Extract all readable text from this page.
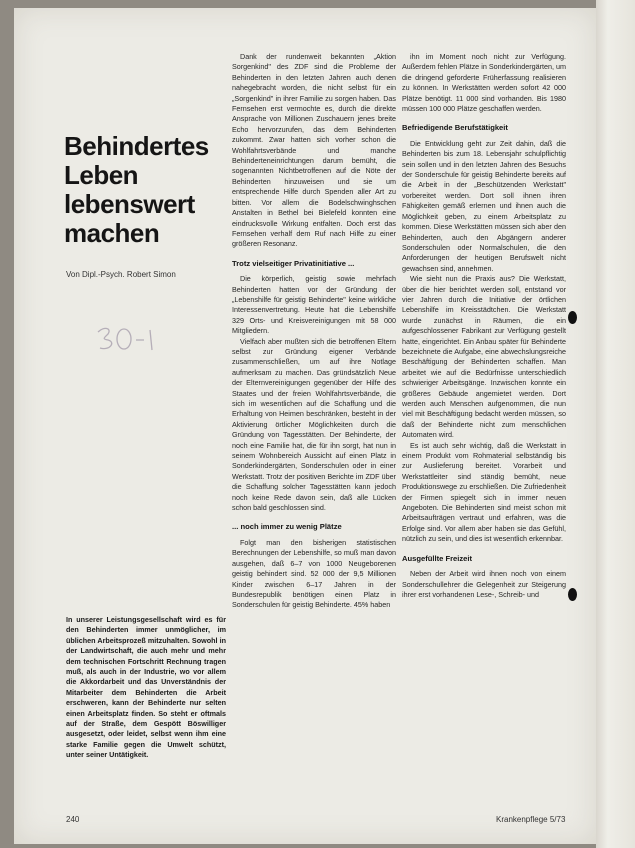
Behindertes
Leben
lebenswert
machen
Von Dipl.-Psych. Robert Simon
In unserer Leistungsgesellschaft wird es für den Behinderten immer unmöglicher, im üblichen Arbeitsprozeß mitzuhalten. Sowohl in der Landwirtschaft, die auch mehr und mehr dem technischen Fortschritt Rechnung tragen muß, als auch in der Industrie, wo vor allem die Akkordarbeit und das Unverständnis der Mitarbeiter dem Behinderten die Arbeit erschweren, kann der Behinderte nur selten einen Arbeitsplatz finden. So steht er oftmals auf der Straße, dem Gespött Böswilliger ausgesetzt, oder leidet, selbst wenn ihm eine starke Familie gegen die Umwelt schützt, unter seiner Untätigkeit.

Dank der rundenweit bekannten „Aktion Sorgenkind" des ZDF sind die Probleme der Behinderten in den letzten Jahren auch denen nahegebracht worden, die nicht selbst für ein „Sorgenkind" in ihrer Familie zu sorgen haben. Das Fernsehen erst vermochte es, durch die direkte Ansprache von Millionen Zuschauern jenes breite Echo hervorzurufen, das dem Behinderten zukommt. Zwar hatten sich vorher schon die Wohlfahrtsverbände und manche Behinderteneinrichtungen darum bemüht, die sogenannten Nichtbetroffenen auf die Nöte der Behinderten hinzuweisen und sie um entsprechende Hilfe durch Spenden aller Art zu bitten. Vor allem die Bodelschwinghschen Anstalten in Bethel bei Bielefeld konnten eine eindrucksvolle Wirkung entfalten. Doch erst das Fernsehen verhalf dem Ruf nach Hilfe zu einer größeren Resonanz.

Trotz vielseitiger Privatinitiative ...

Die körperlich, geistig sowie mehrfach Behinderten hatten vor der Gründung der „Lebenshilfe für geistig Behinderte" keine wirkliche Interessenvertretung. Heute hat die Lebenshilfe 329 Orts- und Kreisvereinigungen mit 58 000 Mitgliedern.

Vielfach aber mußten sich die betroffenen Eltern selbst zur Gründung eigener Verbände zusammenschließen, um auf ihre Notlage aufmerksam zu machen. Das gründsätzlich Neue der Elternvereinigungen gegenüber der Hilfe des Staates und der freien Wohlfahrtsverbände, die sich im wesentlichen auf die Schaffung und die Erhaltung von Heimen beschränken, besteht in der Aktivierung örtlicher Möglichkeiten durch die Gründung von Tagesstätten. Der Behinderte, der noch eine Familie hat, die für ihn sorgt, hat nun in seinem Wohnbereich Aussicht auf einen Platz in Sonderkindergärten, Sonderschulen oder in einer Werkstatt. Trotz der positiven Berichte im ZDF über die Schaffung solcher Tagesstätten kann jedoch noch keine Rede davon sein, daß alle Lücken schon bald geschlossen sind.

... noch immer zu wenig Plätze

Folgt man den bisherigen statistischen Berechnungen der Lebenshilfe, so muß man davon ausgehen, daß 6–7 von 1000 Neugeborenen geistig behindert sind. 52 000 der 9,5 Millionen Kinder zwischen 6–17 Jahren in der Bundesrepublik benötigen einen Platz in Sonderschulen für geistig Behinderte. 45% haben

ihn im Moment noch nicht zur Verfügung. Außerdem fehlen Plätze in Sonderkindergärten, um die dringend geforderte Früherfassung realisieren zu können. In Werkstätten werden sofort 42 000 Plätze benötigt. 11 000 sind vorhanden. Bis 1980 müssen 100 000 Plätze geschaffen werden.

Befriedigende Berufstätigkeit

Die Entwicklung geht zur Zeit dahin, daß die Behinderten bis zum 18. Lebensjahr schulpflichtig sein sollen und in den letzten Jahren des Besuchs der Sonderschule für geistig Behinderte bereits auf die Arbeit in der „Beschützenden Werkstatt" vorbereitet werden. Dort soll ihnen ihren Fähigkeiten gemäß erlernen und ihnen auch die Möglichkeit geben, zu einem Arbeitsplatz zu kommen. Diese Werkstätten müssen sich aber den Behinderten, auch den Abgängern anderer Sonderschulen oder Normalschulen, die den Anforderungen der heutigen Berufswelt nicht gewachsen sind, annehmen.

Wie sieht nun die Praxis aus? Die Werkstatt, über die hier berichtet werden soll, entstand vor vier Jahren durch die Initiative der örtlichen Lebenshilfe im Kreisstädtchen. Die Werkstatt wurde zunächst in Räumen, die ein aufgeschlossener Fabrikant zur Verfügung gestellt hatte, eingerichtet. Ein Anbau später für Behinderte bezeichnete die Aufgabe, eine abwechslungsreiche Beschäftigung der Behinderten schaffen. Man arbeitet wie auf die Bedürfnisse unterschiedlich schwieriger Arbeitsgänge. Inzwischen konnte ein größeres Gebäude angemietet werden. Dort werden auch Menschen aufgenommen, die nun viel mit Beschäftigung bedacht werden müssen, so daß der Behinderte nicht zum menschlichen Automaten wird.

Es ist auch sehr wichtig, daß die Werkstatt in einem Produkt vom Rohmaterial selbständig bis zur Auslieferung bereitet. Vorarbeit und Werkstattleiter sind ständig bemüht, neue Produktionswege zu erschließen. Die Zufriedenheit der Firmen spiegelt sich in immer neuen Angeboten. Die Behinderten sind meist schon mit Arbeitsaufträgen vertraut und erfahren, was die Erfolge sind. Vor allem aber haben sie das Gefühl, nützlich zu sein, und dies ist wesentlich erkennbar.

Ausgefüllte Freizeit

Neben der Arbeit wird ihnen noch von einem Sonderschullehrer die Gelegenheit zur Steigerung ihrer erst vorhandenen Lese-, Schreib- und

240	Krankenpflege 5/73
